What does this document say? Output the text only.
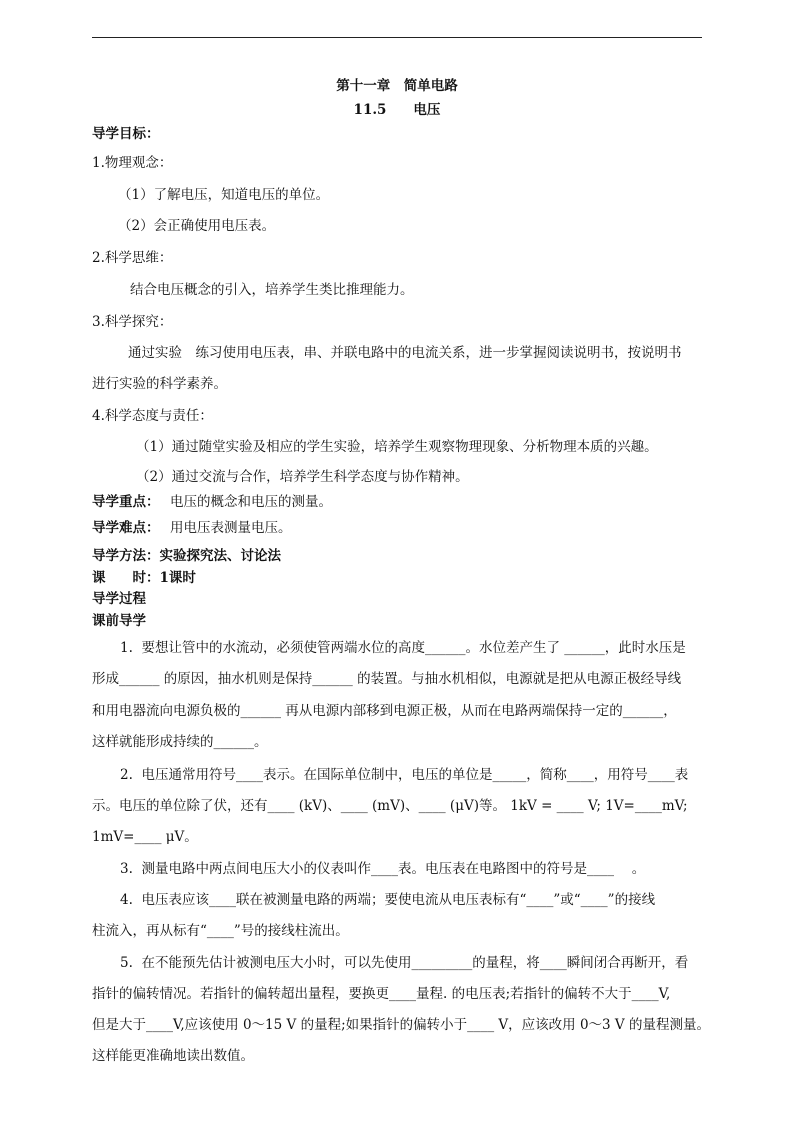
第十一章　简单电路
11.5　　电压
导学目标：
1.物理观念：
（1）了解电压，知道电压的单位。
（2）会正确使用电压表。
2.科学思维：
结合电压概念的引入，培养学生类比推理能力。
3.科学探究：
通过实验　练习使用电压表，串、并联电路中的电流关系，进一步掌握阅读说明书，按说明书
进行实验的科学素养。
4.科学态度与责任：
（1）通过随堂实验及相应的学生实验，培养学生观察物理现象、分析物理本质的兴趣。
（2）通过交流与合作，培养学生科学态度与协作精神。
导学重点： 电压的概念和电压的测量。
导学难点： 用电压表测量电压。
导学方法：实验探究法、讨论法
课　　时：1课时
导学过程
课前导学
1.  要想让管中的水流动，必须使管两端水位的高度______。水位差产生了 ______，此时水压是
形成______ 的原因，抽水机则是保持______ 的装置。与抽水机相似，电源就是把从电源正极经导线
和用电器流向电源负极的______ 再从电源内部移到电源正极，从而在电路两端保持一定的______，
这样就能形成持续的______。
2.  电压通常用符号____表示。在国际单位制中，电压的单位是_____，简称____，用符号____表
示。电压的单位除了伏，还有____ (kV)、____ (mV)、____ (μV)等。 1kV = ____ V; 1V=____mV;
1mV=____ μV。
3.  测量电路中两点间电压大小的仪表叫作____表。电压表在电路图中的符号是____　 。
4.  电压表应该____联在被测量电路的两端；要使电流从电压表标有“____”或“____”的接线
柱流入，再从标有“____”号的接线柱流出。
5.  在不能预先估计被测电压大小时，可以先使用_________的量程，将____瞬间闭合再断开，看
指针的偏转情况。若指针的偏转超出量程，要换更____量程. 的电压表;若指针的偏转不大于____V,
但是大于____V,应该使用 0～15 V 的量程;如果指针的偏转小于____ V，应该改用 0～3 V 的量程测量。
这样能更准确地读出数值。
